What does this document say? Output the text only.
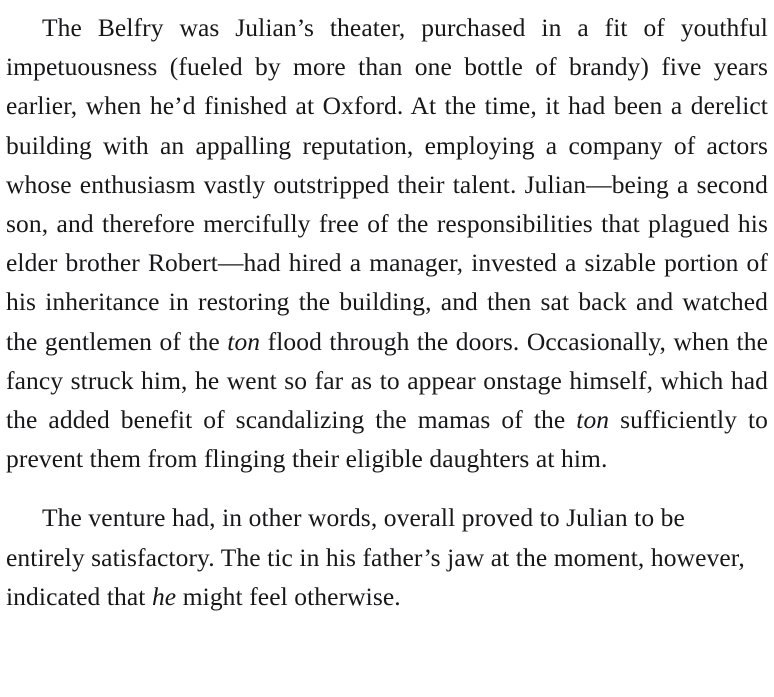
The Belfry was Julian’s theater, purchased in a fit of youthful impetuousness (fueled by more than one bottle of brandy) five years earlier, when he’d finished at Oxford. At the time, it had been a derelict building with an appalling reputation, employing a company of actors whose enthusiasm vastly outstripped their talent. Julian—being a second son, and therefore mercifully free of the responsibilities that plagued his elder brother Robert—had hired a manager, invested a sizable portion of his inheritance in restoring the building, and then sat back and watched the gentlemen of the ton flood through the doors. Occasionally, when the fancy struck him, he went so far as to appear onstage himself, which had the added benefit of scandalizing the mamas of the ton sufficiently to prevent them from flinging their eligible daughters at him.

The venture had, in other words, overall proved to Julian to be entirely satisfactory. The tic in his father’s jaw at the moment, however, indicated that he might feel otherwise.
